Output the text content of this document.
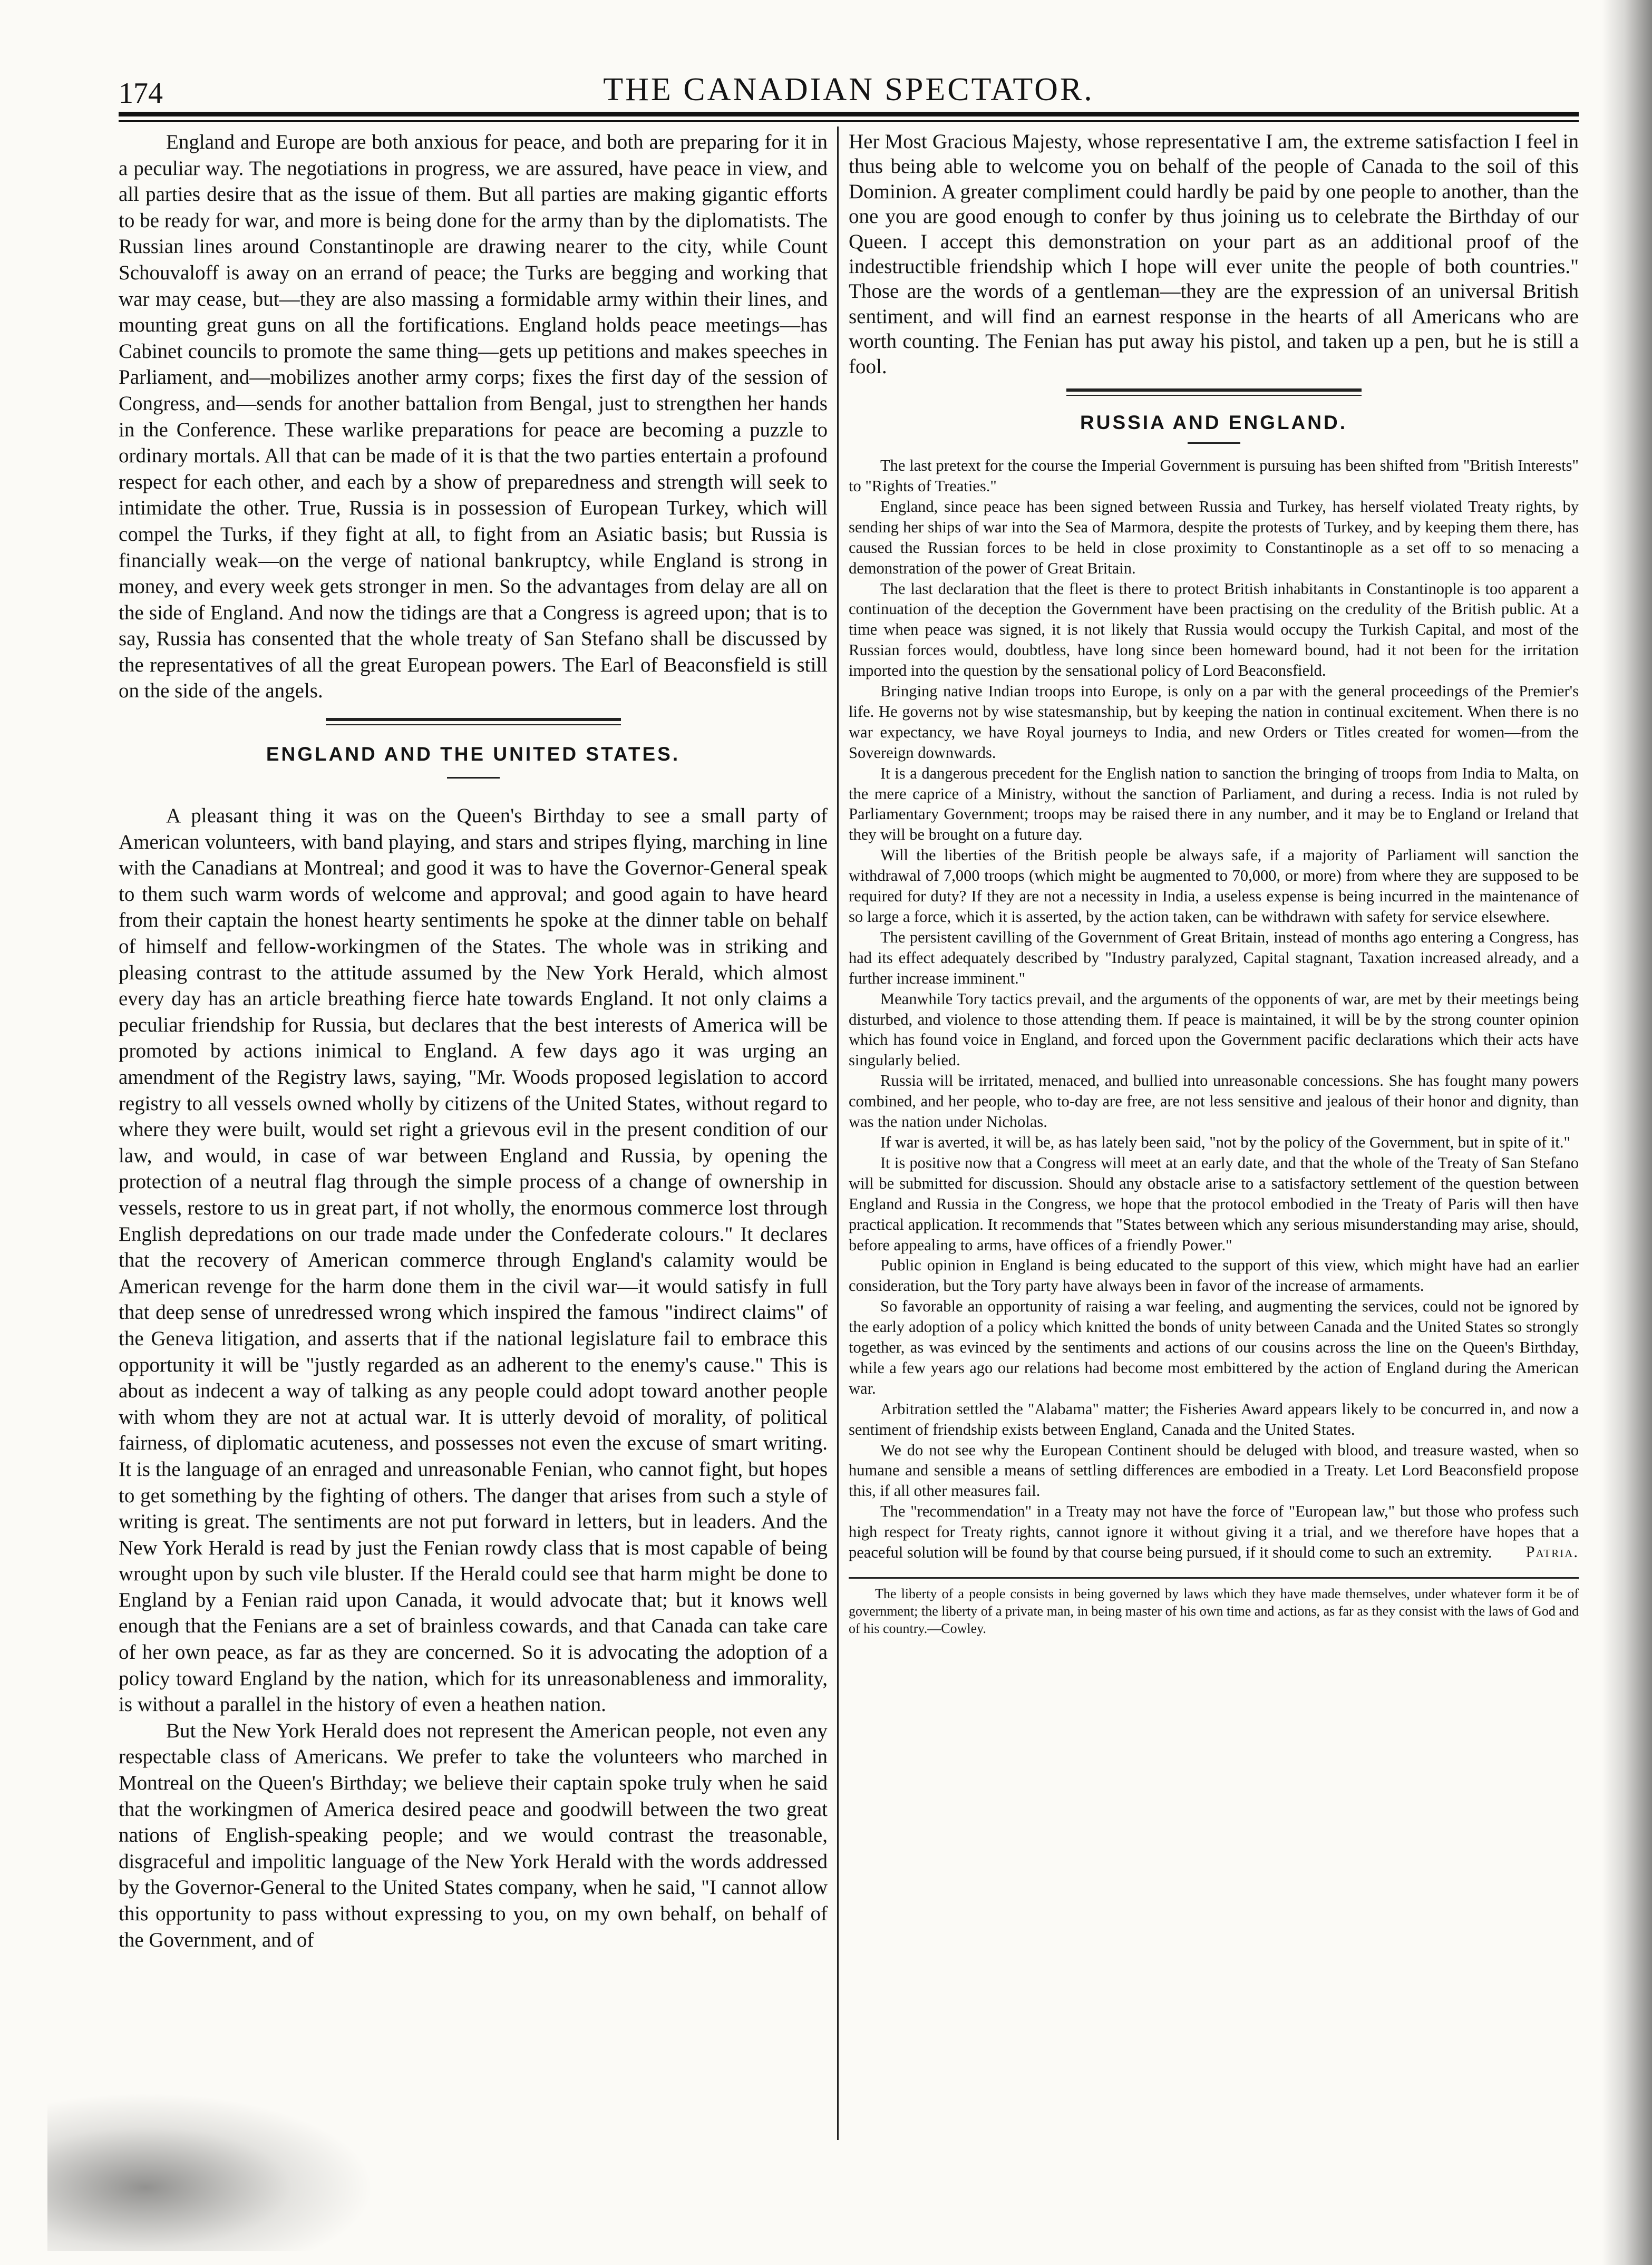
174	THE CANADIAN SPECTATOR.

England and Europe are both anxious for peace, and both are preparing for it in a peculiar way. The negotiations in progress, we are assured, have peace in view, and all parties desire that as the issue of them. But all parties are making gigantic efforts to be ready for war, and more is being done for the army than by the diplomatists. The Russian lines around Constantinople are drawing nearer to the city, while Count Schouvaloff is away on an errand of peace; the Turks are begging and working that war may cease, but—they are also massing a formidable army within their lines, and mounting great guns on all the fortifications. England holds peace meetings—has Cabinet councils to promote the same thing—gets up petitions and makes speeches in Parliament, and—mobilizes another army corps; fixes the first day of the session of Congress, and—sends for another battalion from Bengal, just to strengthen her hands in the Conference. These warlike preparations for peace are becoming a puzzle to ordinary mortals. All that can be made of it is that the two parties entertain a profound respect for each other, and each by a show of preparedness and strength will seek to intimidate the other. True, Russia is in possession of European Turkey, which will compel the Turks, if they fight at all, to fight from an Asiatic basis; but Russia is financially weak—on the verge of national bankruptcy, while England is strong in money, and every week gets stronger in men. So the advantages from delay are all on the side of England. And now the tidings are that a Congress is agreed upon; that is to say, Russia has consented that the whole treaty of San Stefano shall be discussed by the representatives of all the great European powers. The Earl of Beaconsfield is still on the side of the angels.

ENGLAND AND THE UNITED STATES.

A pleasant thing it was on the Queen's Birthday to see a small party of American volunteers, with band playing, and stars and stripes flying, marching in line with the Canadians at Montreal; and good it was to have the Governor-General speak to them such warm words of welcome and approval; and good again to have heard from their captain the honest hearty sentiments he spoke at the dinner table on behalf of himself and fellow-workingmen of the States. The whole was in striking and pleasing contrast to the attitude assumed by the New York Herald, which almost every day has an article breathing fierce hate towards England. It not only claims a peculiar friendship for Russia, but declares that the best interests of America will be promoted by actions inimical to England. A few days ago it was urging an amendment of the Registry laws, saying, "Mr. Woods proposed legislation to accord registry to all vessels owned wholly by citizens of the United States, without regard to where they were built, would set right a grievous evil in the present condition of our law, and would, in case of war between England and Russia, by opening the protection of a neutral flag through the simple process of a change of ownership in vessels, restore to us in great part, if not wholly, the enormous commerce lost through English depredations on our trade made under the Confederate colours." It declares that the recovery of American commerce through England's calamity would be American revenge for the harm done them in the civil war—it would satisfy in full that deep sense of unredressed wrong which inspired the famous "indirect claims" of the Geneva litigation, and asserts that if the national legislature fail to embrace this opportunity it will be "justly regarded as an adherent to the enemy's cause." This is about as indecent a way of talking as any people could adopt toward another people with whom they are not at actual war. It is utterly devoid of morality, of political fairness, of diplomatic acuteness, and possesses not even the excuse of smart writing. It is the language of an enraged and unreasonable Fenian, who cannot fight, but hopes to get something by the fighting of others. The danger that arises from such a style of writing is great. The sentiments are not put forward in letters, but in leaders. And the New York Herald is read by just the Fenian rowdy class that is most capable of being wrought upon by such vile bluster. If the Herald could see that harm might be done to England by a Fenian raid upon Canada, it would advocate that; but it knows well enough that the Fenians are a set of brainless cowards, and that Canada can take care of her own peace, as far as they are concerned. So it is advocating the adoption of a policy toward England by the nation, which for its unreasonableness and immorality, is without a parallel in the history of even a heathen nation.

But the New York Herald does not represent the American people, not even any respectable class of Americans. We prefer to take the volunteers who marched in Montreal on the Queen's Birthday; we believe their captain spoke truly when he said that the workingmen of America desired peace and goodwill between the two great nations of English-speaking people; and we would contrast the treasonable, disgraceful and impolitic language of the New York Herald with the words addressed by the Governor-General to the United States company, when he said, "I cannot allow this opportunity to pass without expressing to you, on my own behalf, on behalf of the Government, and of

Her Most Gracious Majesty, whose representative I am, the extreme satisfaction I feel in thus being able to welcome you on behalf of the people of Canada to the soil of this Dominion. A greater compliment could hardly be paid by one people to another, than the one you are good enough to confer by thus joining us to celebrate the Birthday of our Queen. I accept this demonstration on your part as an additional proof of the indestructible friendship which I hope will ever unite the people of both countries." Those are the words of a gentleman—they are the expression of an universal British sentiment, and will find an earnest response in the hearts of all Americans who are worth counting. The Fenian has put away his pistol, and taken up a pen, but he is still a fool.

RUSSIA AND ENGLAND.

The last pretext for the course the Imperial Government is pursuing has been shifted from "British Interests" to "Rights of Treaties."

England, since peace has been signed between Russia and Turkey, has herself violated Treaty rights, by sending her ships of war into the Sea of Marmora, despite the protests of Turkey, and by keeping them there, has caused the Russian forces to be held in close proximity to Constantinople as a set off to so menacing a demonstration of the power of Great Britain.

The last declaration that the fleet is there to protect British inhabitants in Constantinople is too apparent a continuation of the deception the Government have been practising on the credulity of the British public. At a time when peace was signed, it is not likely that Russia would occupy the Turkish Capital, and most of the Russian forces would, doubtless, have long since been homeward bound, had it not been for the irritation imported into the question by the sensational policy of Lord Beaconsfield.

Bringing native Indian troops into Europe, is only on a par with the general proceedings of the Premier's life. He governs not by wise statesmanship, but by keeping the nation in continual excitement. When there is no war expectancy, we have Royal journeys to India, and new Orders or Titles created for women—from the Sovereign downwards.

It is a dangerous precedent for the English nation to sanction the bringing of troops from India to Malta, on the mere caprice of a Ministry, without the sanction of Parliament, and during a recess. India is not ruled by Parliamentary Government; troops may be raised there in any number, and it may be to England or Ireland that they will be brought on a future day.

Will the liberties of the British people be always safe, if a majority of Parliament will sanction the withdrawal of 7,000 troops (which might be augmented to 70,000, or more) from where they are supposed to be required for duty? If they are not a necessity in India, a useless expense is being incurred in the maintenance of so large a force, which it is asserted, by the action taken, can be withdrawn with safety for service elsewhere.

The persistent cavilling of the Government of Great Britain, instead of months ago entering a Congress, has had its effect adequately described by "Industry paralyzed, Capital stagnant, Taxation increased already, and a further increase imminent."

Meanwhile Tory tactics prevail, and the arguments of the opponents of war, are met by their meetings being disturbed, and violence to those attending them. If peace is maintained, it will be by the strong counter opinion which has found voice in England, and forced upon the Government pacific declarations which their acts have singularly belied.

Russia will be irritated, menaced, and bullied into unreasonable concessions. She has fought many powers combined, and her people, who to-day are free, are not less sensitive and jealous of their honor and dignity, than was the nation under Nicholas.

If war is averted, it will be, as has lately been said, "not by the policy of the Government, but in spite of it."

It is positive now that a Congress will meet at an early date, and that the whole of the Treaty of San Stefano will be submitted for discussion. Should any obstacle arise to a satisfactory settlement of the question between England and Russia in the Congress, we hope that the protocol embodied in the Treaty of Paris will then have practical application. It recommends that "States between which any serious misunderstanding may arise, should, before appealing to arms, have offices of a friendly Power."

Public opinion in England is being educated to the support of this view, which might have had an earlier consideration, but the Tory party have always been in favor of the increase of armaments.

So favorable an opportunity of raising a war feeling, and augmenting the services, could not be ignored by the early adoption of a policy which knitted the bonds of unity between Canada and the United States so strongly together, as was evinced by the sentiments and actions of our cousins across the line on the Queen's Birthday, while a few years ago our relations had become most embittered by the action of England during the American war.

Arbitration settled the "Alabama" matter; the Fisheries Award appears likely to be concurred in, and now a sentiment of friendship exists between England, Canada and the United States.

We do not see why the European Continent should be deluged with blood, and treasure wasted, when so humane and sensible a means of settling differences are embodied in a Treaty. Let Lord Beaconsfield propose this, if all other measures fail.

The "recommendation" in a Treaty may not have the force of "European law," but those who profess such high respect for Treaty rights, cannot ignore it without giving it a trial, and we therefore have hopes that a peaceful solution will be found by that course being pursued, if it should come to such an extremity.	Patria.

The liberty of a people consists in being governed by laws which they have made themselves, under whatever form it be of government; the liberty of a private man, in being master of his own time and actions, as far as they consist with the laws of God and of his country.—Cowley.
